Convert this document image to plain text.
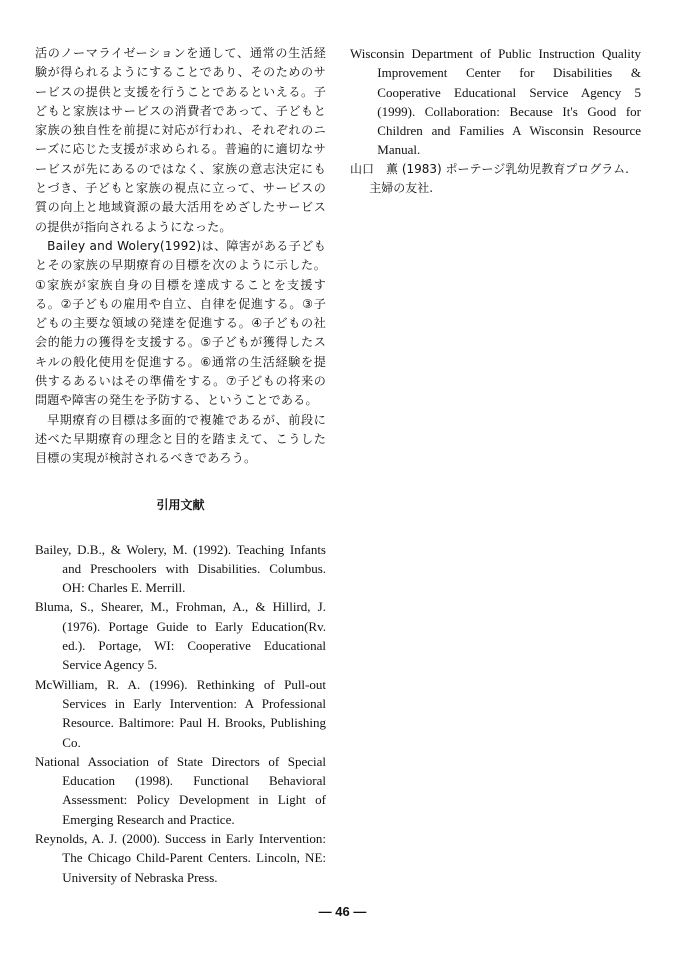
活のノーマライゼーションを通して、通常の生活経験が得られるようにすることであり、そのためのサービスの提供と支援を行うことであるといえる。子どもと家族はサービスの消費者であって、子どもと家族の独自性を前提に対応が行われ、それぞれのニーズに応じた支援が求められる。普遍的に適切なサービスが先にあるのではなく、家族の意志決定にもとづき、子どもと家族の視点に立って、サービスの質の向上と地域資源の最大活用をめざしたサービスの提供が指向されるようになった。

Bailey and Wolery(1992)は、障害がある子どもとその家族の早期療育の目標を次のように示した。①家族が家族自身の目標を達成することを支援する。②子どもの雇用や自立、自律を促進する。③子どもの主要な領域の発達を促進する。④子どもの社会的能力の獲得を支援する。⑤子どもが獲得したスキルの般化使用を促進する。⑥通常の生活経験を提供するあるいはその準備をする。⑦子どもの将来の問題や障害の発生を予防する、ということである。

早期療育の目標は多面的で複雑であるが、前段に述べた早期療育の理念と目的を踏まえて、こうした目標の実現が検討されるべきであろう。

引用文献
Bailey, D.B., & Wolery, M. (1992). Teaching Infants and Preschoolers with Disabilities. Columbus. OH: Charles E. Merrill.
Bluma, S., Shearer, M., Frohman, A., & Hillird, J.(1976). Portage Guide to Early Education(Rv. ed.). Portage, WI: Cooperative Educational Service Agency 5.
McWilliam, R. A. (1996). Rethinking of Pull-out Services in Early Intervention: A Professional Resource. Baltimore: Paul H. Brooks, Publishing Co.
National Association of State Directors of Special Education (1998). Functional Behavioral Assessment: Policy Development in Light of Emerging Research and Practice.
Reynolds, A. J. (2000). Success in Early Intervention: The Chicago Child-Parent Centers. Lincoln, NE: University of Nebraska Press.
Wisconsin Department of Public Instruction Quality Improvement Center for Disabilities & Cooperative Educational Service Agency 5 (1999). Collaboration: Because It's Good for Children and Families A Wisconsin Resource Manual.
山口　薫 (1983) ポーテージ乳幼児教育プログラム. 主婦の友社.
― 46 ―
